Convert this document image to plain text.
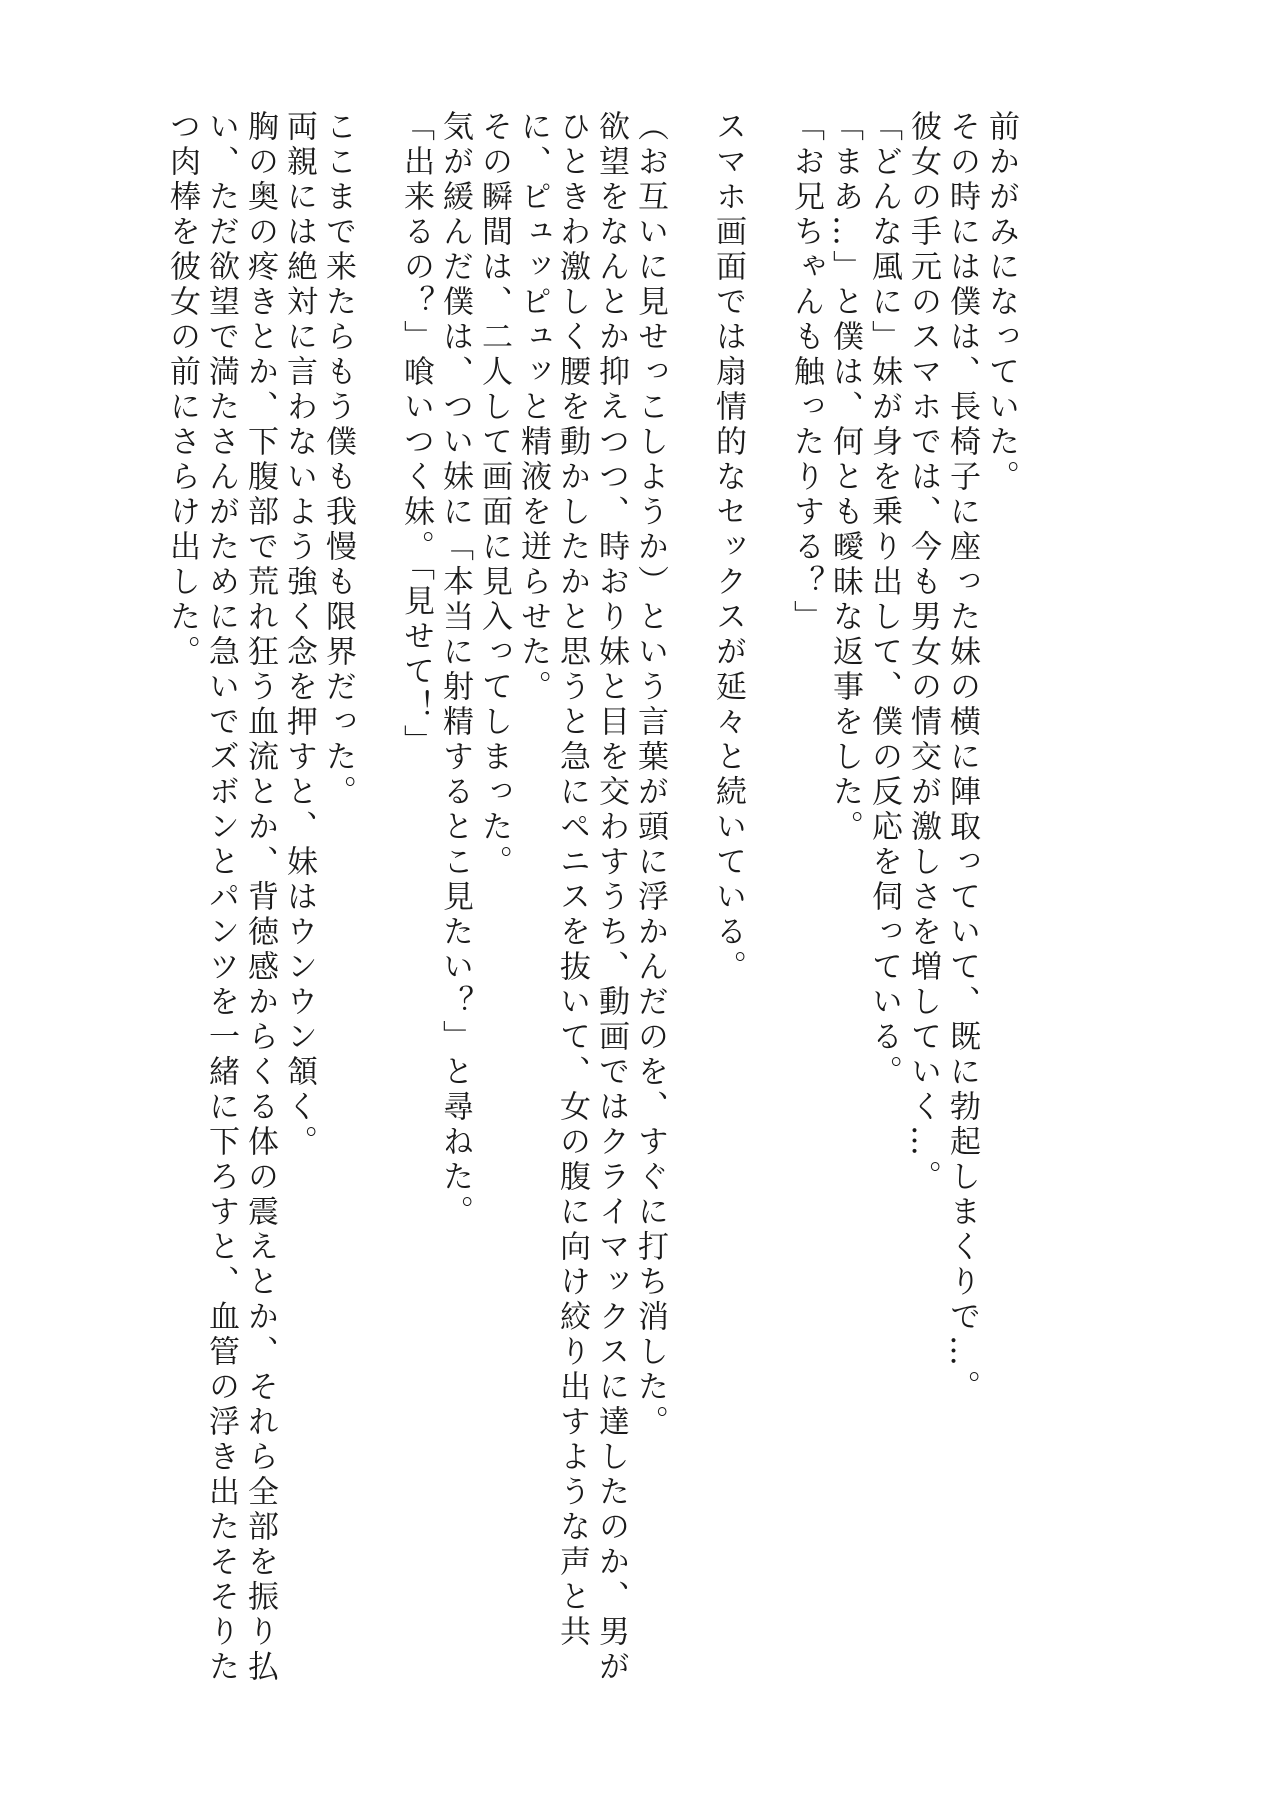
前かがみになっていた。
その時には僕は、長椅子に座った妹の横に陣取っていて、既に勃起しまくりで…。
彼女の手元のスマホでは、今も男女の情交が激しさを増していく…。
「どんな風に」妹が身を乗り出して、僕の反応を伺っている。
「まあ…」と僕は、何とも曖昧な返事をした。
「お兄ちゃんも触ったりする？」
スマホ画面では扇情的なセックスが延々と続いている。
（お互いに見せっこしようか）という言葉が頭に浮かんだのを、すぐに打ち消した。
欲望をなんとか抑えつつ、時おり妹と目を交わすうち、動画ではクライマックスに達したのか、男がひときわ激しく腰を動かしたかと思うと急にペニスを抜いて、女の腹に向け絞り出すような声と共に、ピュッピュッと精液を迸らせた。
その瞬間は、二人して画面に見入ってしまった。
気が緩んだ僕は、つい妹に「本当に射精するとこ見たい？」と尋ねた。
「出来るの？」喰いつく妹。「見せて！」
ここまで来たらもう僕も我慢も限界だった。
両親には絶対に言わないよう強く念を押すと、妹はウンウン頷く。
胸の奥の疼きとか、下腹部で荒れ狂う血流とか、背徳感からくる体の震えとか、それら全部を振り払い、ただ欲望で満たさんがために急いでズボンとパンツを一緒に下ろすと、血管の浮き出たそそりたつ肉棒を彼女の前にさらけ出した。
